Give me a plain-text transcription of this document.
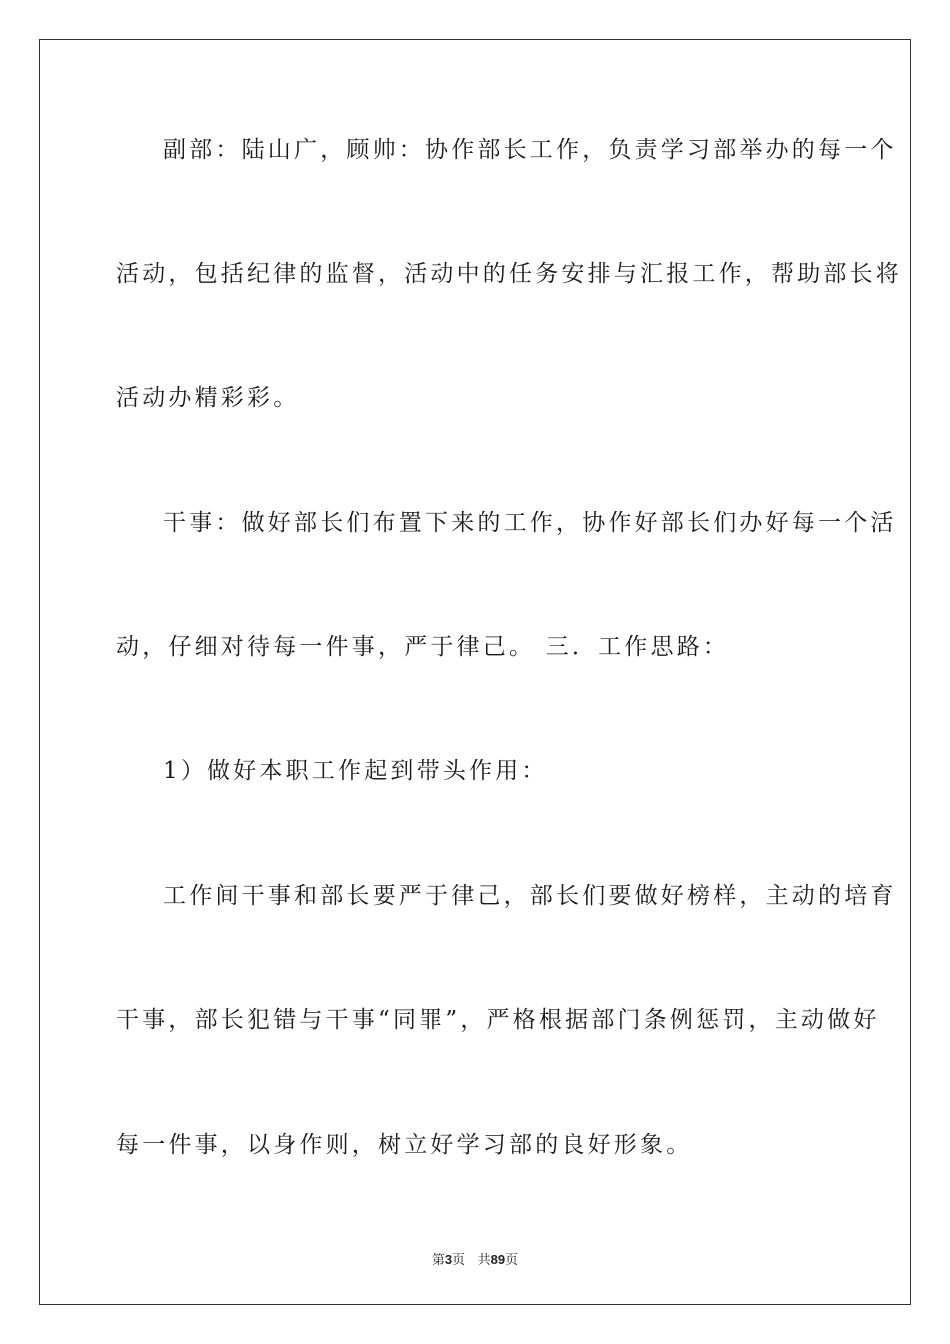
副部：陆山广，顾帅：协作部长工作，负责学习部举办的每一个
活动，包括纪律的监督，活动中的任务安排与汇报工作，帮助部长将
活动办精彩彩。
干事：做好部长们布置下来的工作，协作好部长们办好每一个活
动，仔细对待每一件事，严于律己。 三．工作思路：
1）做好本职工作起到带头作用：
工作间干事和部长要严于律己，部长们要做好榜样，主动的培育
干事，部长犯错与干事“同罪”，严格根据部门条例惩罚，主动做好
每一件事，以身作则，树立好学习部的良好形象。
第3页 共89页
